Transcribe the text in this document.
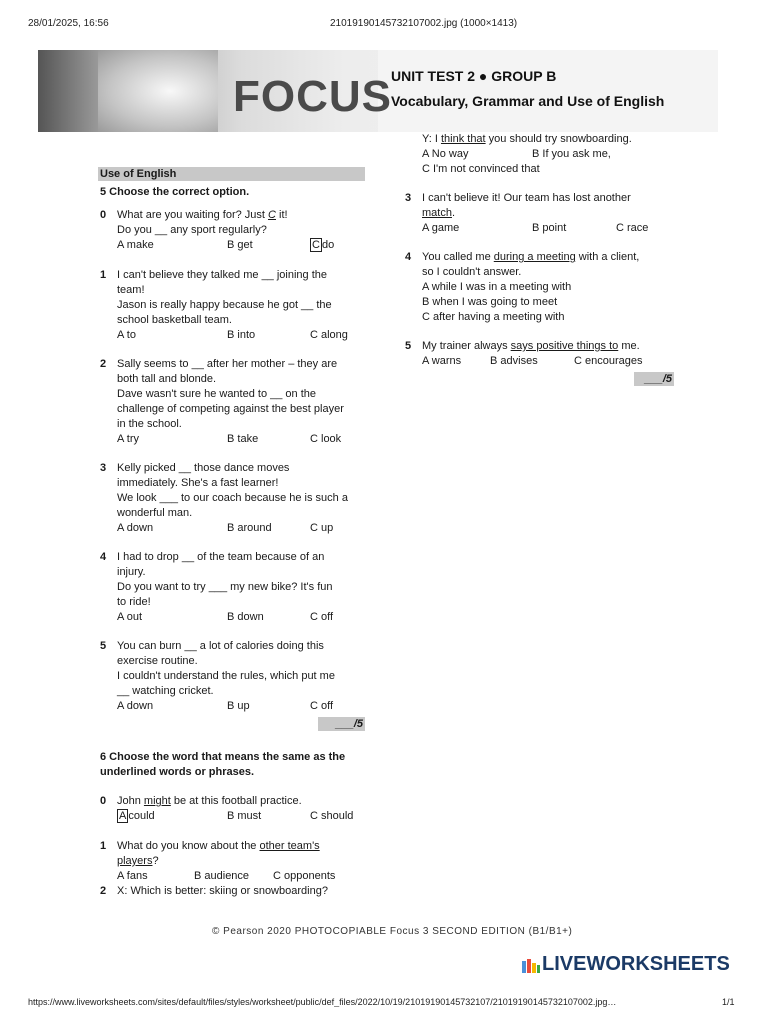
28/01/2025, 16:56	21019190145732107002.jpg (1000×1413)
FOCUS UNIT TEST 2 ● GROUP B
Vocabulary, Grammar and Use of English
Use of English
5 Choose the correct option.
0 What are you waiting for? Just C it!
Do you __ any sport regularly?
A make	B get	C do
1 I can't believe they talked me __ joining the
team!
Jason is really happy because he got __ the
school basketball team.
A to	B into	C along
2 Sally seems to __ after her mother – they are
both tall and blonde.
Dave wasn't sure he wanted to __ on the
challenge of competing against the best player
in the school.
A try	B take	C look
3 Kelly picked __ those dance moves
immediately. She's a fast learner!
We look ___ to our coach because he is such a
wonderful man.
A down	B around	C up
4 I had to drop __ of the team because of an
injury.
Do you want to try ___ my new bike? It's fun
to ride!
A out	B down	C off
5 You can burn __ a lot of calories doing this
exercise routine.
I couldn't understand the rules, which put me
__ watching cricket.
A down	B up	C off
___/5
6 Choose the word that means the same as the
underlined words or phrases.
0 John might be at this football practice.
A could	B must	C should
1 What do you know about the other team's
players?
A fans	B audience C opponents
2 X: Which is better: skiing or snowboarding?
Y: I think that you should try snowboarding.
A No way	B If you ask me,
C I'm not convinced that
3 I can't believe it! Our team has lost another
match.
A game	B point	C race
4 You called me during a meeting with a client,
so I couldn't answer.
A while I was in a meeting with
B when I was going to meet
C after having a meeting with
5 My trainer always says positive things to me.
A warns	B advises	C encourages
___/5
© Pearson 2020 PHOTOCOPIABLE Focus 3 SECOND EDITION (B1/B1+)
LIVEWORKSHEETS
https://www.liveworksheets.com/sites/default/files/styles/worksheet/public/def_files/2022/10/19/21019190145732107/21019190145732107002.jpg…	1/1
